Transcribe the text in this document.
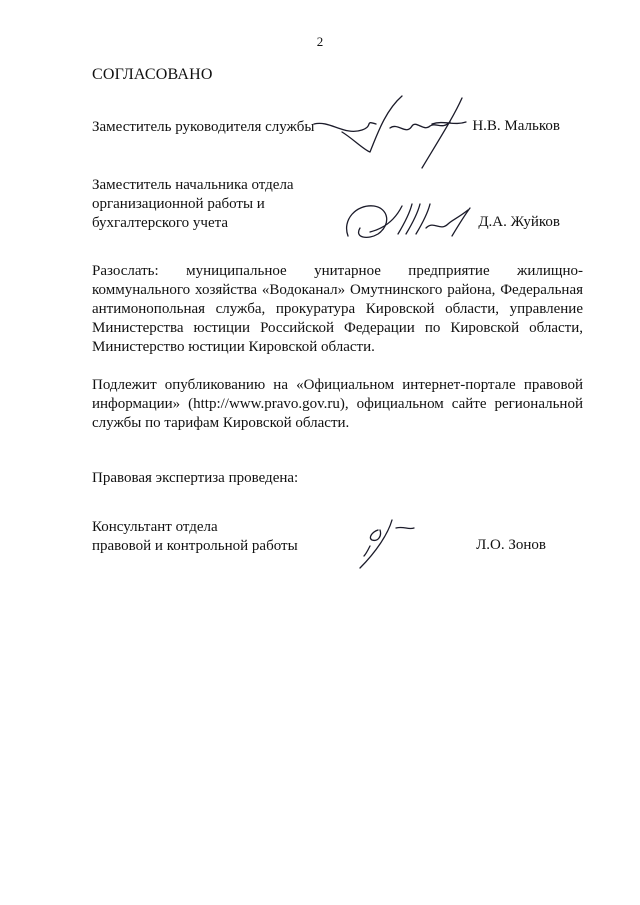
2
СОГЛАСОВАНО
Заместитель руководителя службы	Н.В. Мальков
Заместитель начальника отдела
организационной работы и
бухгалтерского учета	Д.А. Жуйков
Разослать: муниципальное унитарное предприятие жилищно-коммунального хозяйства «Водоканал» Омутнинского района, Федеральная антимонопольная служба, прокуратура Кировской области, управление Министерства юстиции Российской Федерации по Кировской области, Министерство юстиции Кировской области.
Подлежит опубликованию на «Официальном интернет-портале правовой информации» (http://www.pravo.gov.ru), официальном сайте региональной службы по тарифам Кировской области.
Правовая экспертиза проведена:
Консультант отдела
правовой и контрольной работы	Л.О. Зонов
